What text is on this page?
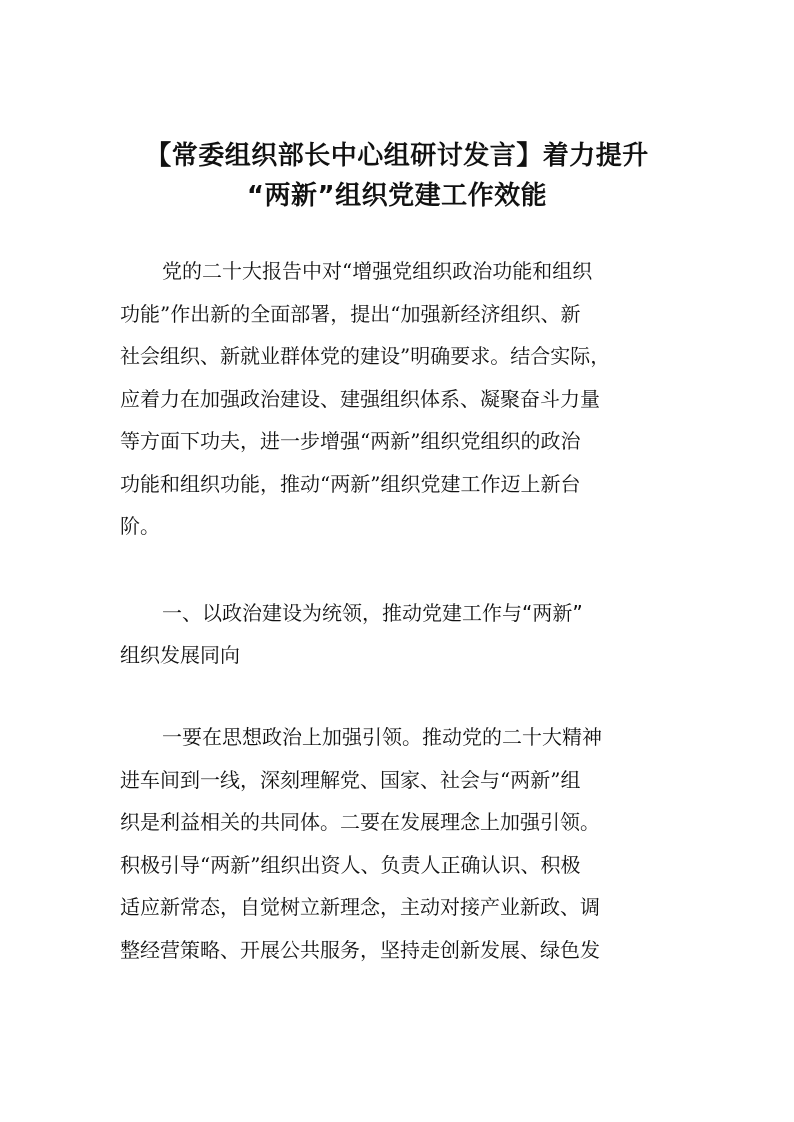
【常委组织部长中心组研讨发言】着力提升
“两新”组织党建工作效能
党的二十大报告中对“增强党组织政治功能和组织
功能”作出新的全面部署，提出“加强新经济组织、新
社会组织、新就业群体党的建设”明确要求。结合实际，
应着力在加强政治建设、建强组织体系、凝聚奋斗力量
等方面下功夫，进一步增强“两新”组织党组织的政治
功能和组织功能，推动“两新”组织党建工作迈上新台
阶。
一、以政治建设为统领，推动党建工作与“两新”
组织发展同向
一要在思想政治上加强引领。推动党的二十大精神
进车间到一线，深刻理解党、国家、社会与“两新”组
织是利益相关的共同体。二要在发展理念上加强引领。
积极引导“两新”组织出资人、负责人正确认识、积极
适应新常态，自觉树立新理念，主动对接产业新政、调
整经营策略、开展公共服务，坚持走创新发展、绿色发
